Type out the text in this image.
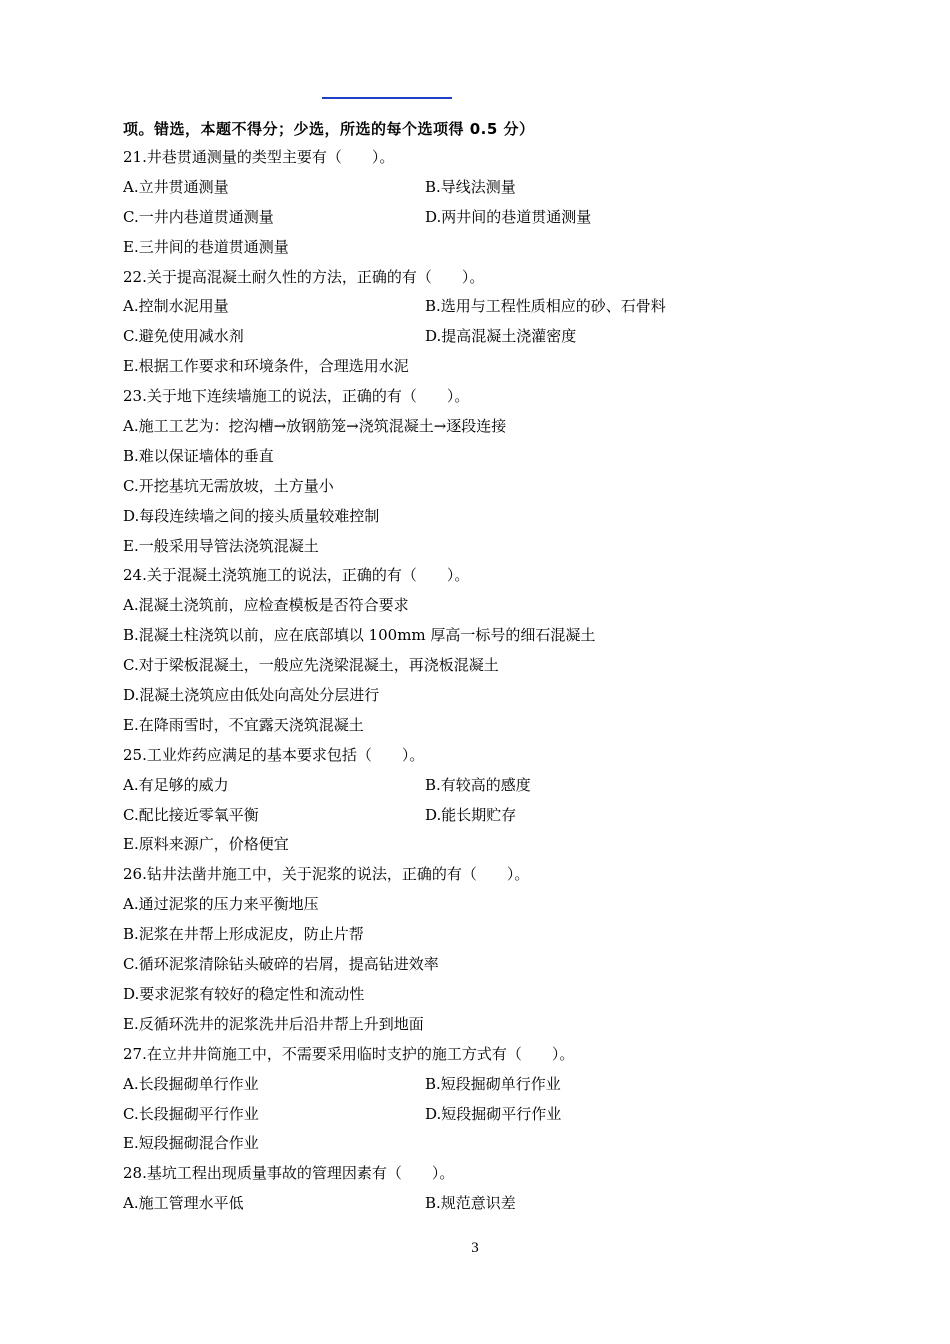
项。错选，本题不得分；少选，所选的每个选项得 0.5 分）
21.井巷贯通测量的类型主要有（　　）。
A.立井贯通测量	B.导线法测量
C.一井内巷道贯通测量	D.两井间的巷道贯通测量
E.三井间的巷道贯通测量
22.关于提高混凝土耐久性的方法，正确的有（　　）。
A.控制水泥用量	B.选用与工程性质相应的砂、石骨料
C.避免使用减水剂	D.提高混凝土浇灌密度
E.根据工作要求和环境条件，合理选用水泥
23.关于地下连续墙施工的说法，正确的有（　　）。
A.施工工艺为：挖沟槽→放钢筋笼→浇筑混凝土→逐段连接
B.难以保证墙体的垂直
C.开挖基坑无需放坡，土方量小
D.每段连续墙之间的接头质量较难控制
E.一般采用导管法浇筑混凝土
24.关于混凝土浇筑施工的说法，正确的有（　　）。
A.混凝土浇筑前，应检查模板是否符合要求
B.混凝土柱浇筑以前，应在底部填以 100mm 厚高一标号的细石混凝土
C.对于梁板混凝土，一般应先浇梁混凝土，再浇板混凝土
D.混凝土浇筑应由低处向高处分层进行
E.在降雨雪时，不宜露天浇筑混凝土
25.工业炸药应满足的基本要求包括（　　）。
A.有足够的威力	B.有较高的感度
C.配比接近零氧平衡	D.能长期贮存
E.原料来源广，价格便宜
26.钻井法凿井施工中，关于泥浆的说法，正确的有（　　）。
A.通过泥浆的压力来平衡地压
B.泥浆在井帮上形成泥皮，防止片帮
C.循环泥浆清除钻头破碎的岩屑，提高钻进效率
D.要求泥浆有较好的稳定性和流动性
E.反循环洗井的泥浆洗井后沿井帮上升到地面
27.在立井井筒施工中，不需要采用临时支护的施工方式有（　　）。
A.长段掘砌单行作业	B.短段掘砌单行作业
C.长段掘砌平行作业	D.短段掘砌平行作业
E.短段掘砌混合作业
28.基坑工程出现质量事故的管理因素有（　　）。
A.施工管理水平低	B.规范意识差
3
